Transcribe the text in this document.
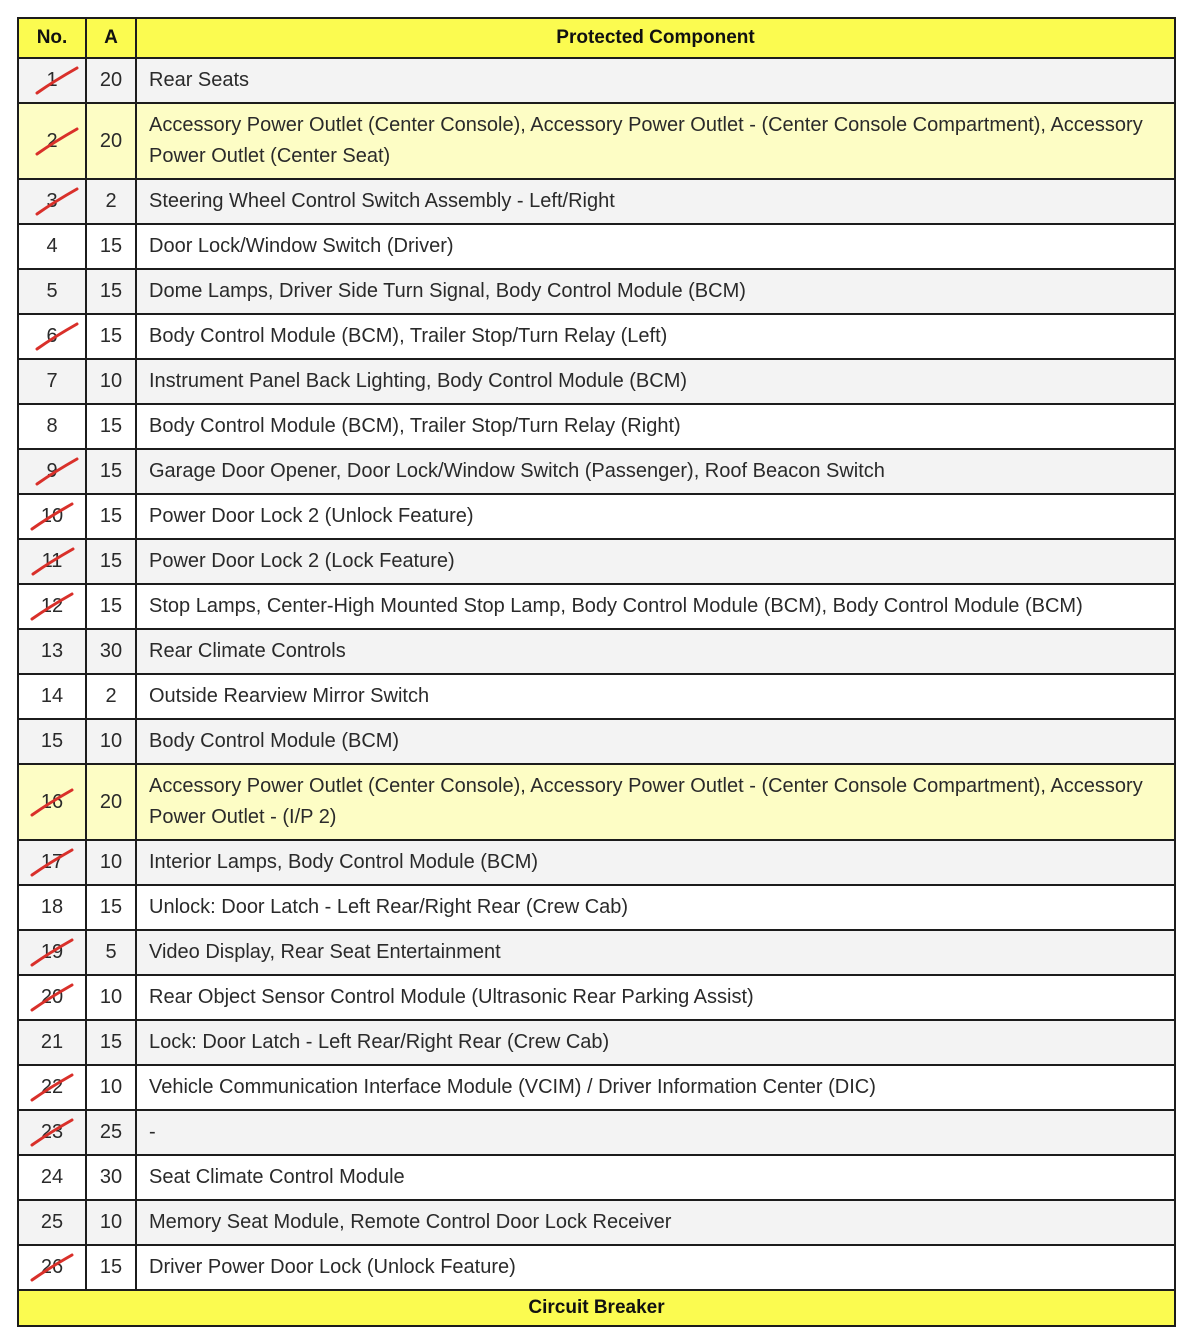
No.	A	Protected Component
1	20	Rear Seats
2	20	Accessory Power Outlet (Center Console), Accessory Power Outlet - (Center Console Compartment), Accessory Power Outlet (Center Seat)
3	2	Steering Wheel Control Switch Assembly - Left/Right
4	15	Door Lock/Window Switch (Driver)
5	15	Dome Lamps, Driver Side Turn Signal, Body Control Module (BCM)
6	15	Body Control Module (BCM), Trailer Stop/Turn Relay (Left)
7	10	Instrument Panel Back Lighting, Body Control Module (BCM)
8	15	Body Control Module (BCM), Trailer Stop/Turn Relay (Right)
9	15	Garage Door Opener, Door Lock/Window Switch (Passenger), Roof Beacon Switch
10	15	Power Door Lock 2 (Unlock Feature)
11	15	Power Door Lock 2 (Lock Feature)
12	15	Stop Lamps, Center-High Mounted Stop Lamp, Body Control Module (BCM), Body Control Module (BCM)
13	30	Rear Climate Controls
14	2	Outside Rearview Mirror Switch
15	10	Body Control Module (BCM)
16	20	Accessory Power Outlet (Center Console), Accessory Power Outlet - (Center Console Compartment), Accessory Power Outlet - (I/P 2)
17	10	Interior Lamps, Body Control Module (BCM)
18	15	Unlock: Door Latch - Left Rear/Right Rear (Crew Cab)
19	5	Video Display, Rear Seat Entertainment
20	10	Rear Object Sensor Control Module (Ultrasonic Rear Parking Assist)
21	15	Lock: Door Latch - Left Rear/Right Rear (Crew Cab)
22	10	Vehicle Communication Interface Module (VCIM) / Driver Information Center (DIC)
23	25	-
24	30	Seat Climate Control Module
25	10	Memory Seat Module, Remote Control Door Lock Receiver
26	15	Driver Power Door Lock (Unlock Feature)
Circuit Breaker		
